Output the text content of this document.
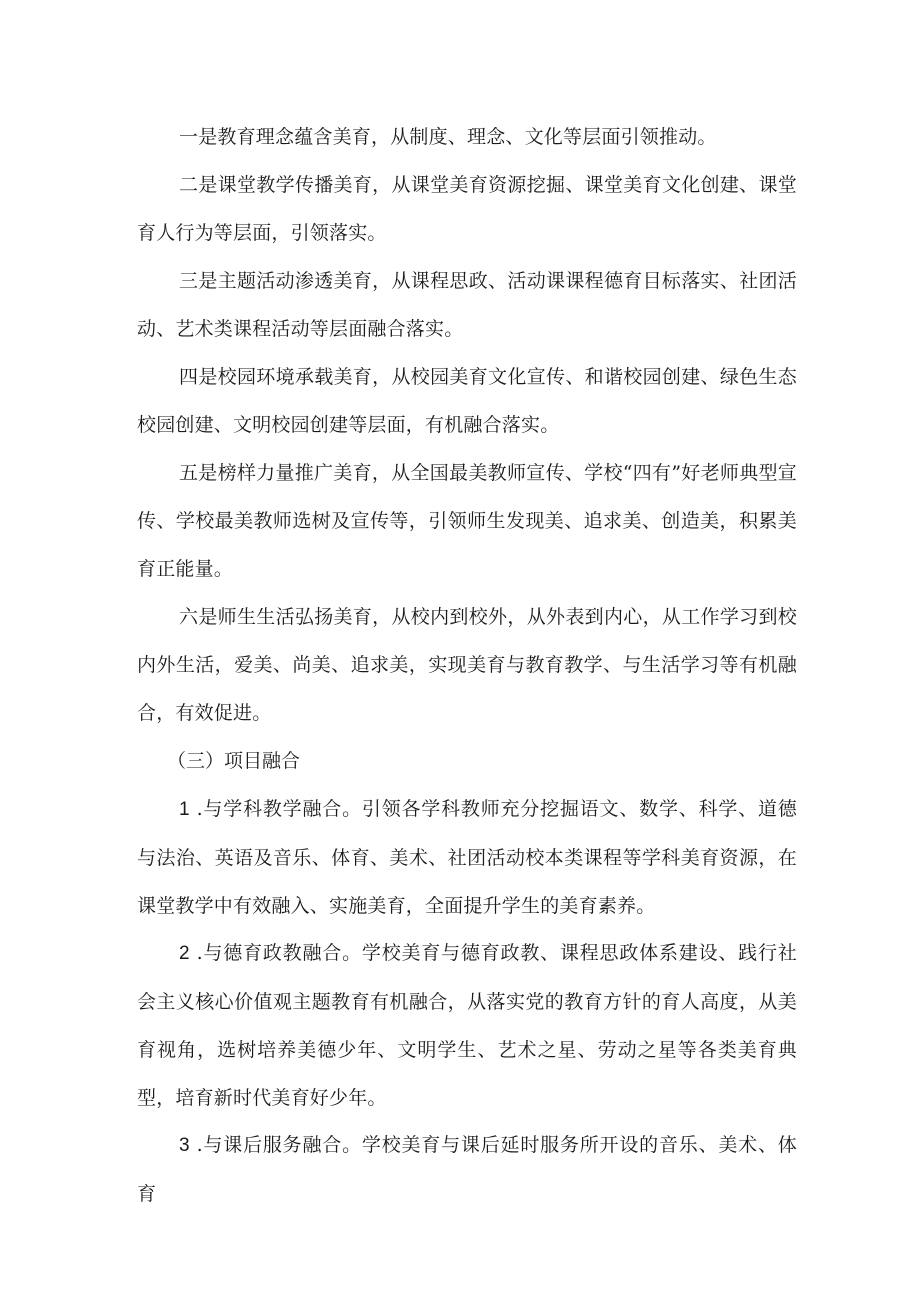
一是教育理念蕴含美育，从制度、理念、文化等层面引领推动。

二是课堂教学传播美育，从课堂美育资源挖掘、课堂美育文化创建、课堂育人行为等层面，引领落实。

三是主题活动渗透美育，从课程思政、活动课课程德育目标落实、社团活动、艺术类课程活动等层面融合落实。

四是校园环境承载美育，从校园美育文化宣传、和谐校园创建、绿色生态校园创建、文明校园创建等层面，有机融合落实。

五是榜样力量推广美育，从全国最美教师宣传、学校“四有”好老师典型宣传、学校最美教师选树及宣传等，引领师生发现美、追求美、创造美，积累美育正能量。

六是师生生活弘扬美育，从校内到校外，从外表到内心，从工作学习到校内外生活，爱美、尚美、追求美，实现美育与教育教学、与生活学习等有机融合，有效促进。

（三）项目融合

1 .与学科教学融合。引领各学科教师充分挖掘语文、数学、科学、道德与法治、英语及音乐、体育、美术、社团活动校本类课程等学科美育资源，在课堂教学中有效融入、实施美育，全面提升学生的美育素养。

2 .与德育政教融合。学校美育与德育政教、课程思政体系建设、践行社会主义核心价值观主题教育有机融合，从落实党的教育方针的育人高度，从美育视角，选树培养美德少年、文明学生、艺术之星、劳动之星等各类美育典型，培育新时代美育好少年。

3 .与课后服务融合。学校美育与课后延时服务所开设的音乐、美术、体育
